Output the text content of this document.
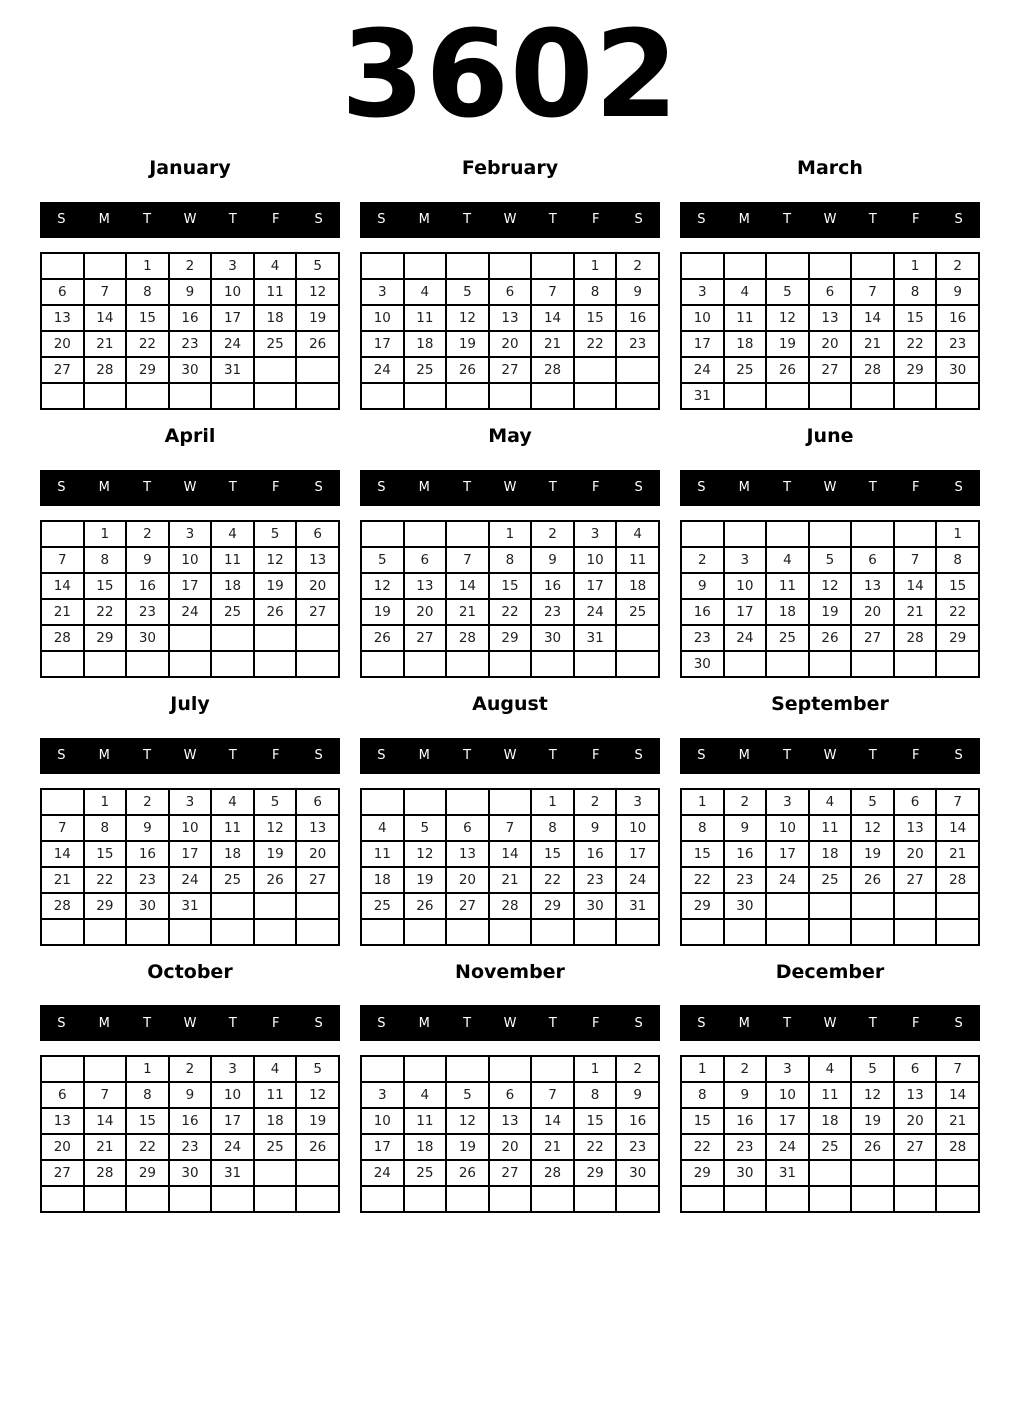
3602
January
S	M	T	W	T	F	S
		1	2	3	4	5
6	7	8	9	10	11	12
13	14	15	16	17	18	19
20	21	22	23	24	25	26
27	28	29	30	31		

February
S	M	T	W	T	F	S
					1	2
3	4	5	6	7	8	9
10	11	12	13	14	15	16
17	18	19	20	21	22	23
24	25	26	27	28		

March
S	M	T	W	T	F	S
					1	2
3	4	5	6	7	8	9
10	11	12	13	14	15	16
17	18	19	20	21	22	23
24	25	26	27	28	29	30
31						
April
S	M	T	W	T	F	S
	1	2	3	4	5	6
7	8	9	10	11	12	13
14	15	16	17	18	19	20
21	22	23	24	25	26	27
28	29	30				

May
S	M	T	W	T	F	S
			1	2	3	4
5	6	7	8	9	10	11
12	13	14	15	16	17	18
19	20	21	22	23	24	25
26	27	28	29	30	31	

June
S	M	T	W	T	F	S
						1
2	3	4	5	6	7	8
9	10	11	12	13	14	15
16	17	18	19	20	21	22
23	24	25	26	27	28	29
30						
July
S	M	T	W	T	F	S
	1	2	3	4	5	6
7	8	9	10	11	12	13
14	15	16	17	18	19	20
21	22	23	24	25	26	27
28	29	30	31			

August
S	M	T	W	T	F	S
				1	2	3
4	5	6	7	8	9	10
11	12	13	14	15	16	17
18	19	20	21	22	23	24
25	26	27	28	29	30	31

September
S	M	T	W	T	F	S
1	2	3	4	5	6	7
8	9	10	11	12	13	14
15	16	17	18	19	20	21
22	23	24	25	26	27	28
29	30					

October
S	M	T	W	T	F	S
		1	2	3	4	5
6	7	8	9	10	11	12
13	14	15	16	17	18	19
20	21	22	23	24	25	26
27	28	29	30	31		

November
S	M	T	W	T	F	S
					1	2
3	4	5	6	7	8	9
10	11	12	13	14	15	16
17	18	19	20	21	22	23
24	25	26	27	28	29	30

December
S	M	T	W	T	F	S
1	2	3	4	5	6	7
8	9	10	11	12	13	14
15	16	17	18	19	20	21
22	23	24	25	26	27	28
29	30	31				
